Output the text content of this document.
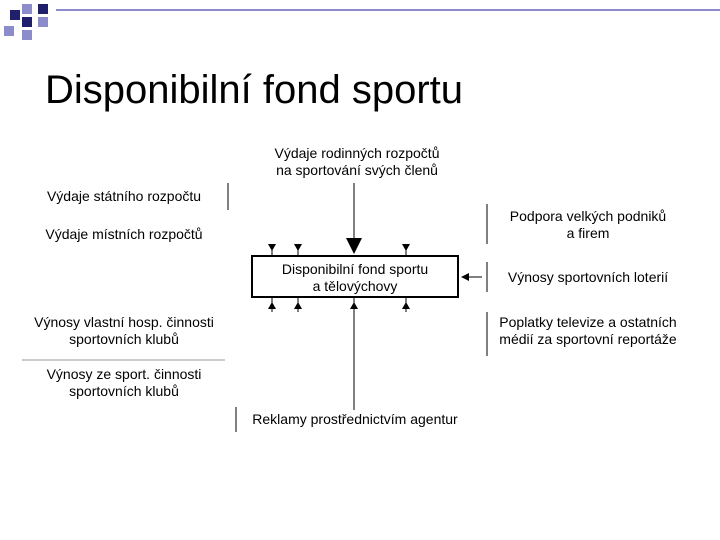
Disponibilní fond sportu
Disponibilní fond sportu
a tělovýchovy
Výdaje rodinných rozpočtů
na sportování svých členů
Výdaje státního rozpočtu
Výdaje místních rozpočtů
Podpora velkých podniků
a firem
Výnosy sportovních loterií
Poplatky televize a ostatních
médií za sportovní reportáže
Výnosy vlastní hosp. činnosti
sportovních klubů
Výnosy ze sport. činnosti
sportovních klubů
Reklamy prostřednictvím agentur
